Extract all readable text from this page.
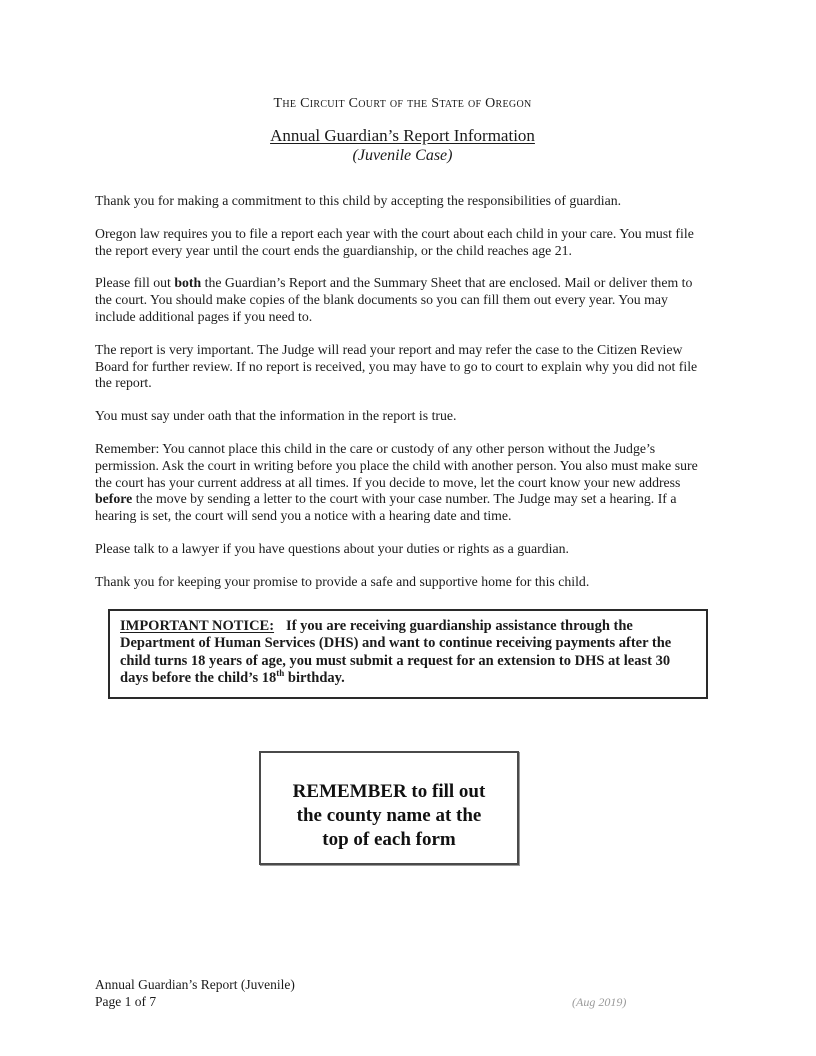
The Circuit Court of the State of Oregon
Annual Guardian’s Report Information
(Juvenile Case)

Thank you for making a commitment to this child by accepting the responsibilities of guardian.

Oregon law requires you to file a report each year with the court about each child in your care. You must file the report every year until the court ends the guardianship, or the child reaches age 21.

Please fill out both the Guardian’s Report and the Summary Sheet that are enclosed. Mail or deliver them to the court. You should make copies of the blank documents so you can fill them out every year. You may include additional pages if you need to.

The report is very important. The Judge will read your report and may refer the case to the Citizen Review Board for further review. If no report is received, you may have to go to court to explain why you did not file the report.

You must say under oath that the information in the report is true.

Remember: You cannot place this child in the care or custody of any other person without the Judge’s permission. Ask the court in writing before you place the child with another person. You also must make sure the court has your current address at all times. If you decide to move, let the court know your new address before the move by sending a letter to the court with your case number. The Judge may set a hearing. If a hearing is set, the court will send you a notice with a hearing date and time.

Please talk to a lawyer if you have questions about your duties or rights as a guardian.

Thank you for keeping your promise to provide a safe and supportive home for this child.

IMPORTANT NOTICE: If you are receiving guardianship assistance through the Department of Human Services (DHS) and want to continue receiving payments after the child turns 18 years of age, you must submit a request for an extension to DHS at least 30 days before the child’s 18th birthday.
REMEMBER to fill out
the county name at the
top of each form
Annual Guardian’s Report (Juvenile)
Page 1 of 7	(Aug 2019)
